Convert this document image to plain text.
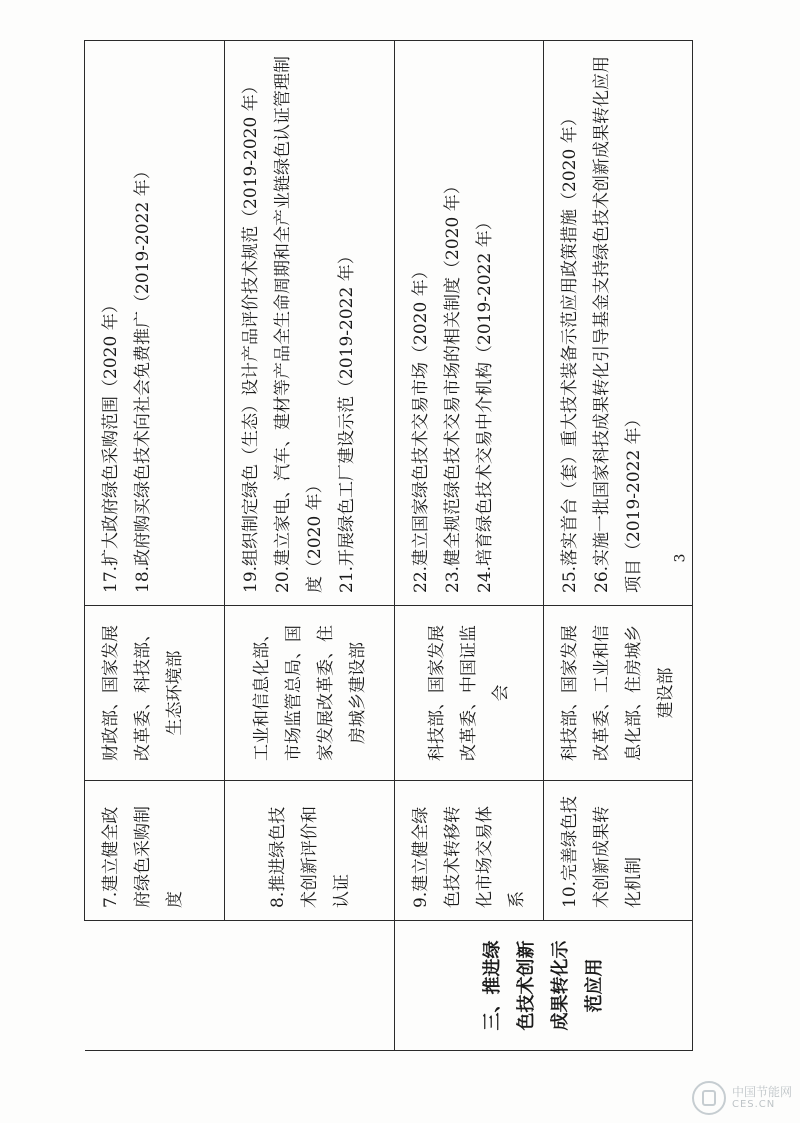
	7.建立健全政府绿色采购制度	财政部、国家发展改革委、科技部、生态环境部	17.扩大政府绿色采购范围（2020 年） 18.政府购买绿色技术向社会免费推广（2019-2022 年）

	8.推进绿色技术创新评价和认证	工业和信息化部、市场监管总局、国家发展改革委、住房城乡建设部	19.组织制定绿色（生态）设计产品评价技术规范（2019-2020 年） 20.建立家电、汽车、建材等产品全生命周期和全产业链绿色认证管理制度（2020 年） 21.开展绿色工厂建设示范（2019-2022 年）

三、推进绿色技术创新成果转化示范应用	9.建立健全绿色技术转移转化市场交易体系	科技部、国家发展改革委、中国证监会	22.建立国家绿色技术交易市场（2020 年） 23.健全规范绿色技术交易市场的相关制度（2020 年） 24.培育绿色技术交易中介机构（2019-2022 年）

	10.完善绿色技术创新成果转化机制	科技部、国家发展改革委、工业和信息化部、住房城乡建设部	25.落实首台（套）重大技术装备示范应用政策措施（2020 年） 26.实施一批国家科技成果转化引导基金支持绿色技术创新成果转化应用项目（2019-2022 年）	3
中国节能网
CES.CN
